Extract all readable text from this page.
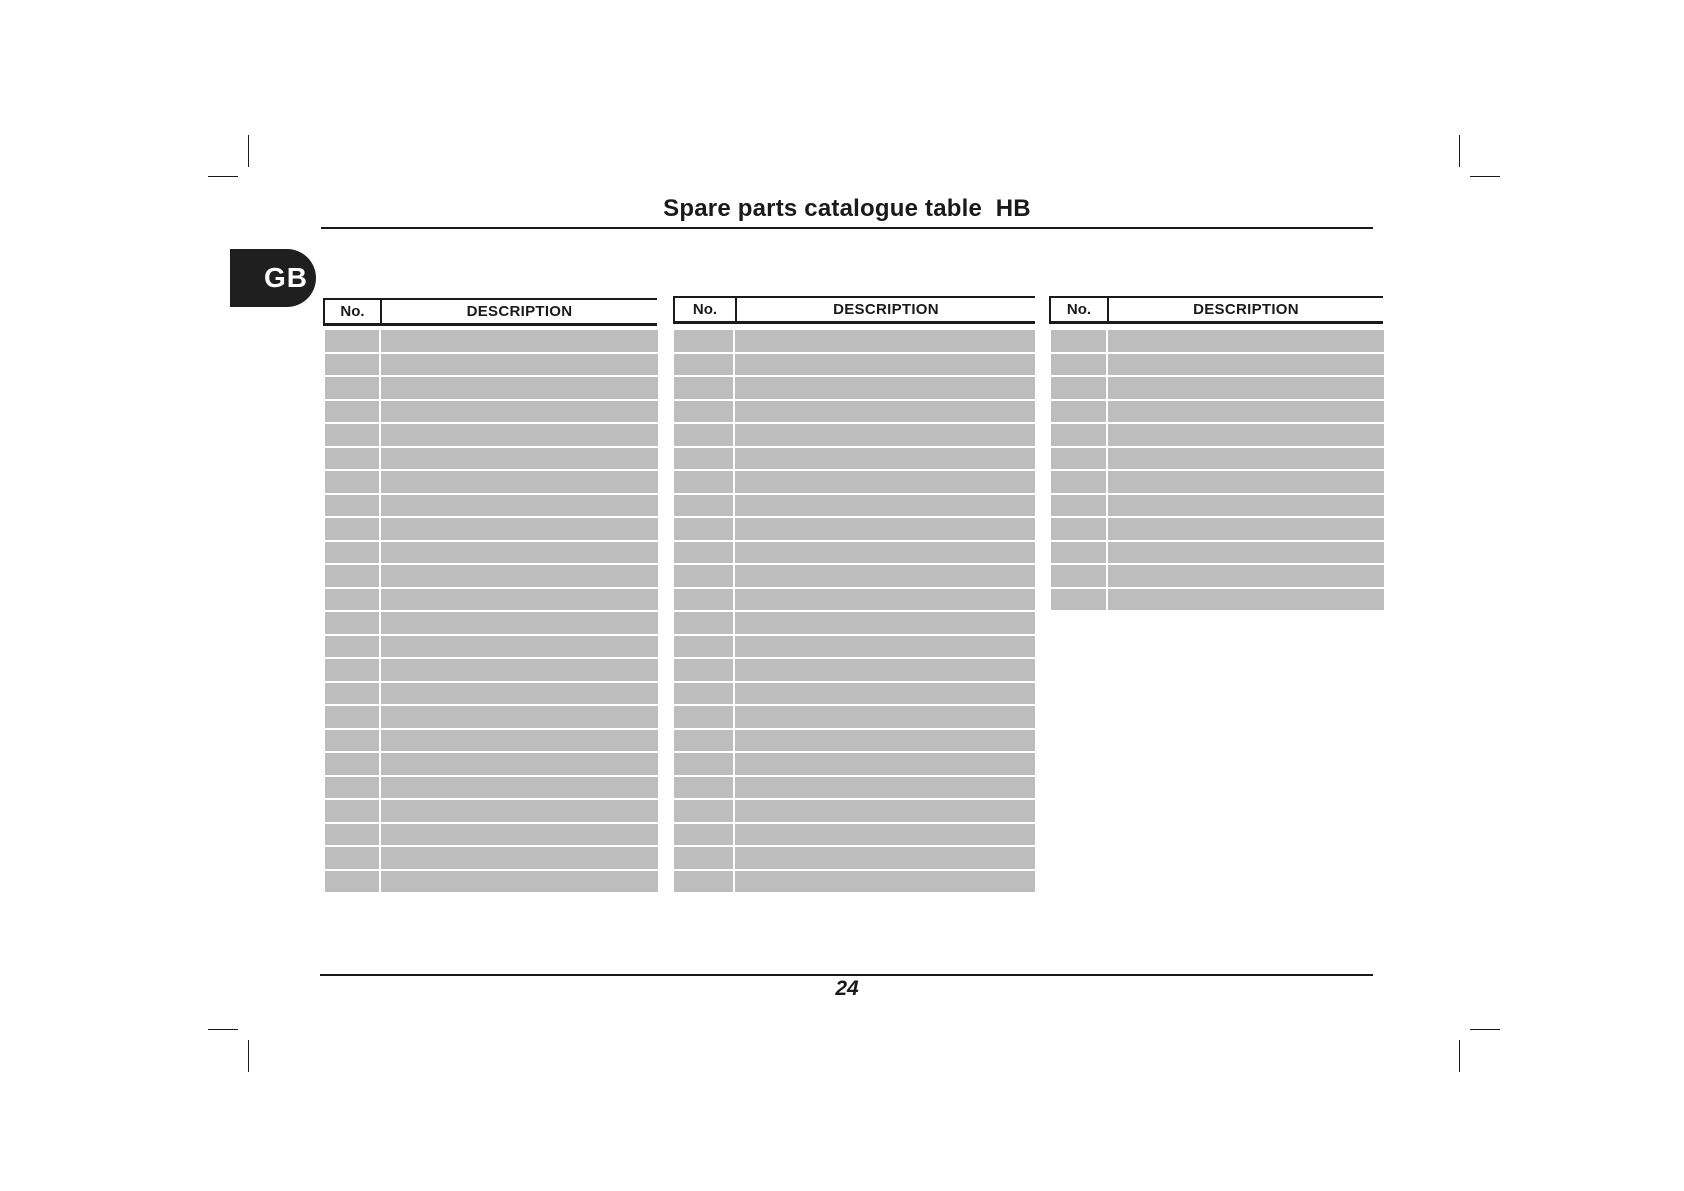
GB
Spare parts catalogue table  HB
No.	DESCRIPTION	No.	DESCRIPTION	No.	DESCRIPTION
24
